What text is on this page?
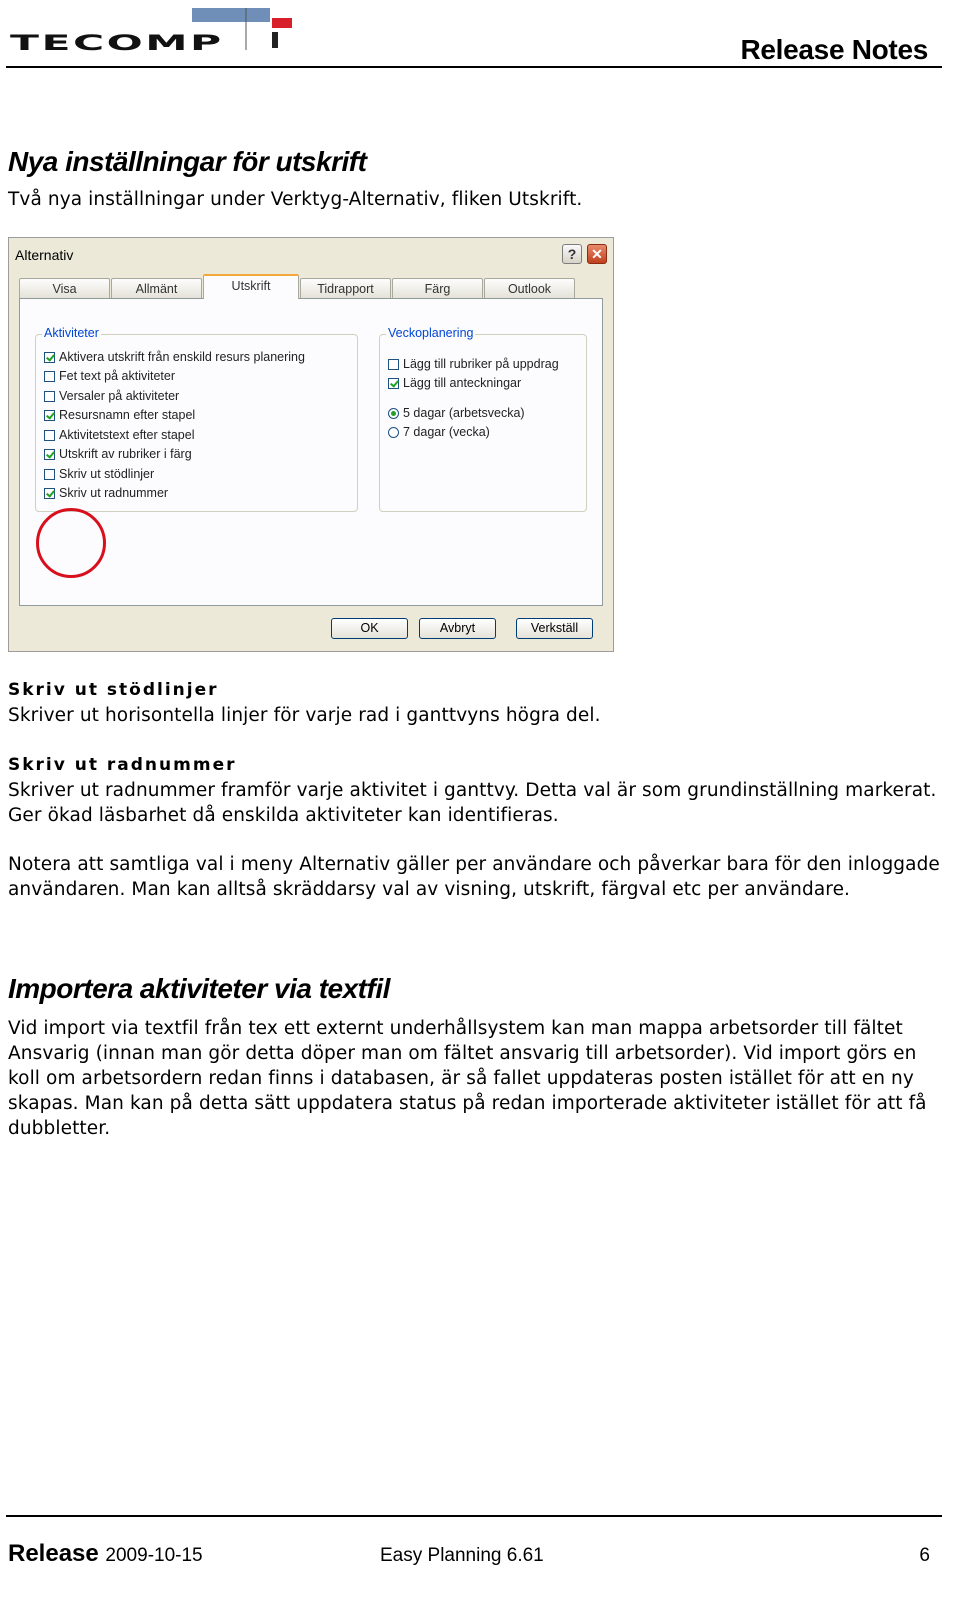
TECOMP	Release Notes
Nya inställningar för utskrift
Två nya inställningar under Verktyg-Alternativ, fliken Utskrift.
Alternativ	?	✕
Visa	Allmänt	Utskrift	Tidrapport	Färg	Outlook
Aktiviteter
Aktivera utskrift från enskild resurs planering
Fet text på aktiviteter
Versaler på aktiviteter
Resursnamn efter stapel
Aktivitetstext efter stapel
Utskrift av rubriker i färg
Skriv ut stödlinjer
Skriv ut radnummer
Veckoplanering
Lägg till rubriker på uppdrag
Lägg till anteckningar
5 dagar (arbetsvecka)
7 dagar (vecka)
OK	Avbryt	Verkställ
Skriv ut stödlinjer
Skriver ut horisontella linjer för varje rad i ganttvyns högra del.
Skriv ut radnummer
Skriver ut radnummer framför varje aktivitet i ganttvy. Detta val är som grundinställning markerat. Ger ökad läsbarhet då enskilda aktiviteter kan identifieras.
Notera att samtliga val i meny Alternativ gäller per användare och påverkar bara för den inloggade användaren. Man kan alltså skräddarsy val av visning, utskrift, färgval etc per användare.
Importera aktiviteter via textfil
Vid import via textfil från tex ett externt underhållsystem kan man mappa arbetsorder till fältet Ansvarig (innan man gör detta döper man om fältet ansvarig till arbetsorder). Vid import görs en koll om arbetsordern redan finns i databasen, är så fallet uppdateras posten istället för att en ny skapas. Man kan på detta sätt uppdatera status på redan importerade aktiviteter istället för att få dubbletter.
Release 2009-10-15	Easy Planning 6.61	6
